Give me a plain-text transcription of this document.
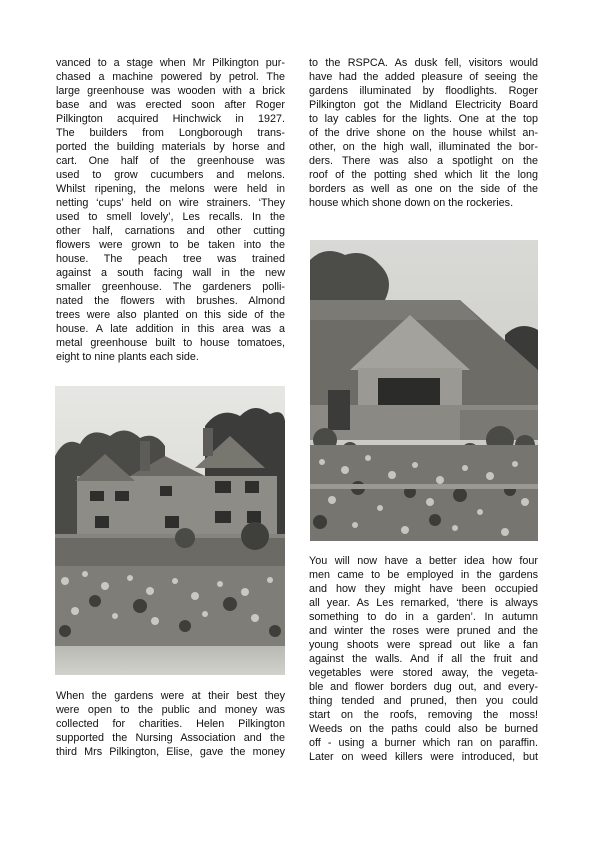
vanced to a stage when Mr Pilkington pur-
chased a machine powered by petrol. The
large greenhouse was wooden with a brick
base and was erected soon after Roger
Pilkington acquired Hinchwick in 1927.
The builders from Longborough trans-
ported the building materials by horse and
cart. One half of the greenhouse was
used to grow cucumbers and melons.
Whilst ripening, the melons were held in
netting ‘cups’ held on wire strainers. ‘They
used to smell lovely’, Les recalls. In the
other half, carnations and other cutting
flowers were grown to be taken into the
house. The peach tree was trained
against a south facing wall in the new
smaller greenhouse. The gardeners polli-
nated the flowers with brushes. Almond
trees were also planted on this side of the
house. A late addition in this area was a
metal greenhouse built to house tomatoes,
eight to nine plants each side.
When the gardens were at their best they
were open to the public and money was
collected for charities. Helen Pilkington
supported the Nursing Association and the
third Mrs Pilkington, Elise, gave the money
to the RSPCA. As dusk fell, visitors would
have had the added pleasure of seeing the
gardens illuminated by floodlights. Roger
Pilkington got the Midland Electricity Board
to lay cables for the lights. One at the top
of the drive shone on the house whilst an-
other, on the high wall, illuminated the bor-
ders. There was also a spotlight on the
roof of the potting shed which lit the long
borders as well as one on the side of the
house which shone down on the rockeries.
You will now have a better idea how four
men came to be employed in the gardens
and how they might have been occupied
all year. As Les remarked, ‘there is always
something to do in a garden’. In autumn
and winter the roses were pruned and the
young shoots were spread out like a fan
against the walls. And if all the fruit and
vegetables were stored away, the vegeta-
ble and flower borders dug out, and every-
thing tended and pruned, then you could
start on the roofs, removing the moss!
Weeds on the paths could also be burned
off - using a burner which ran on paraffin.
Later on weed killers were introduced, but
